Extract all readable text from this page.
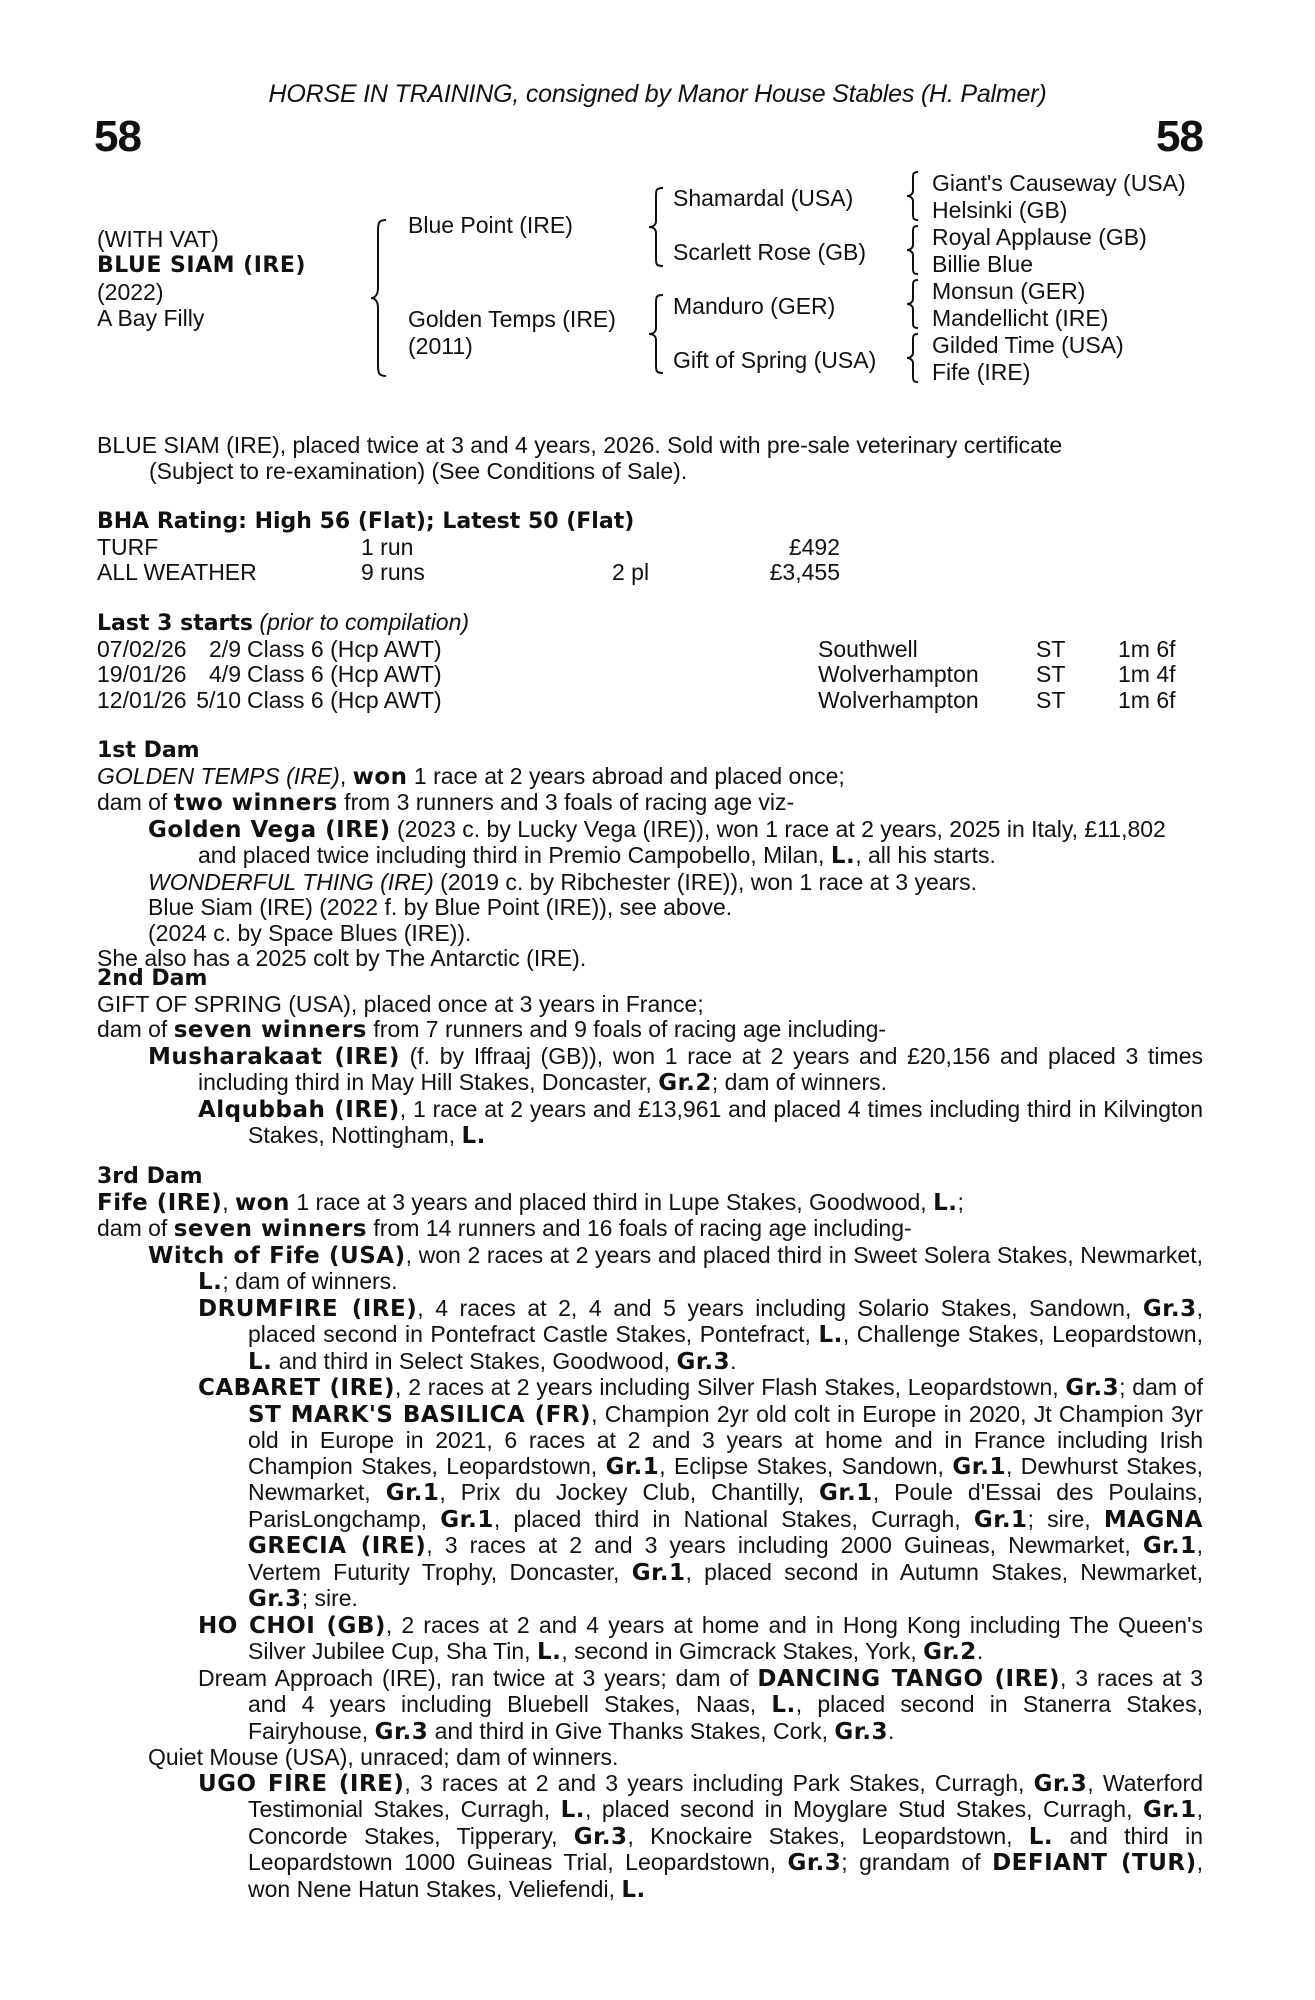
HORSE IN TRAINING, consigned by Manor House Stables (H. Palmer)
58	58
(WITH VAT)
BLUE SIAM (IRE)
(2022)
A Bay Filly
Blue Point (IRE)
Golden Temps (IRE)
(2011)
Shamardal (USA)
Scarlett Rose (GB)
Manduro (GER)
Gift of Spring (USA)
Giant's Causeway (USA)
Helsinki (GB)
Royal Applause (GB)
Billie Blue
Monsun (GER)
Mandellicht (IRE)
Gilded Time (USA)
Fife (IRE)

BLUE SIAM (IRE), placed twice at 3 and 4 years, 2026. Sold with pre-sale veterinary certificate

(Subject to re-examination) (See Conditions of Sale).

BHA Rating: High 56 (Flat); Latest 50 (Flat)
TURF	1 run	£492
ALL WEATHER	9 runs	2 pl	£3,455
Last 3 starts (prior to compilation)
07/02/26 2/9 Class 6 (Hcp AWT)	Southwell	ST 1m 6f
19/01/26 4/9 Class 6 (Hcp AWT)	Wolverhampton ST 1m 4f
12/01/26 5/10 Class 6 (Hcp AWT)	Wolverhampton ST 1m 6f
1st Dam

GOLDEN TEMPS (IRE), won 1 race at 2 years abroad and placed once;

dam of two winners from 3 runners and 3 foals of racing age viz-

Golden Vega (IRE) (2023 c. by Lucky Vega (IRE)), won 1 race at 2 years, 2025 in Italy, £11,802 and placed twice including third in Premio Campobello, Milan, L., all his starts.

WONDERFUL THING (IRE) (2019 c. by Ribchester (IRE)), won 1 race at 3 years.

Blue Siam (IRE) (2022 f. by Blue Point (IRE)), see above.

(2024 c. by Space Blues (IRE)).

She also has a 2025 colt by The Antarctic (IRE).

2nd Dam

GIFT OF SPRING (USA), placed once at 3 years in France;

dam of seven winners from 7 runners and 9 foals of racing age including-

Musharakaat (IRE) (f. by Iffraaj (GB)), won 1 race at 2 years and £20,156 and placed 3 times including third in May Hill Stakes, Doncaster, Gr.2; dam of winners.

Alqubbah (IRE), 1 race at 2 years and £13,961 and placed 4 times including third in Kilvington Stakes, Nottingham, L.

3rd Dam

Fife (IRE), won 1 race at 3 years and placed third in Lupe Stakes, Goodwood, L.;

dam of seven winners from 14 runners and 16 foals of racing age including-

Witch of Fife (USA), won 2 races at 2 years and placed third in Sweet Solera Stakes, Newmarket, L.; dam of winners.

DRUMFIRE (IRE), 4 races at 2, 4 and 5 years including Solario Stakes, Sandown, Gr.3, placed second in Pontefract Castle Stakes, Pontefract, L., Challenge Stakes, Leopardstown, L. and third in Select Stakes, Goodwood, Gr.3.

CABARET (IRE), 2 races at 2 years including Silver Flash Stakes, Leopardstown, Gr.3; dam of ST MARK'S BASILICA (FR), Champion 2yr old colt in Europe in 2020, Jt Champion 3yr old in Europe in 2021, 6 races at 2 and 3 years at home and in France including Irish Champion Stakes, Leopardstown, Gr.1, Eclipse Stakes, Sandown, Gr.1, Dewhurst Stakes, Newmarket, Gr.1, Prix du Jockey Club, Chantilly, Gr.1, Poule d'Essai des Poulains, ParisLongchamp, Gr.1, placed third in National Stakes, Curragh, Gr.1; sire, MAGNA GRECIA (IRE), 3 races at 2 and 3 years including 2000 Guineas, Newmarket, Gr.1, Vertem Futurity Trophy, Doncaster, Gr.1, placed second in Autumn Stakes, Newmarket, Gr.3; sire.

HO CHOI (GB), 2 races at 2 and 4 years at home and in Hong Kong including The Queen's Silver Jubilee Cup, Sha Tin, L., second in Gimcrack Stakes, York, Gr.2.

Dream Approach (IRE), ran twice at 3 years; dam of DANCING TANGO (IRE), 3 races at 3 and 4 years including Bluebell Stakes, Naas, L., placed second in Stanerra Stakes, Fairyhouse, Gr.3 and third in Give Thanks Stakes, Cork, Gr.3.

Quiet Mouse (USA), unraced; dam of winners.

UGO FIRE (IRE), 3 races at 2 and 3 years including Park Stakes, Curragh, Gr.3, Waterford Testimonial Stakes, Curragh, L., placed second in Moyglare Stud Stakes, Curragh, Gr.1, Concorde Stakes, Tipperary, Gr.3, Knockaire Stakes, Leopardstown, L. and third in Leopardstown 1000 Guineas Trial, Leopardstown, Gr.3; grandam of DEFIANT (TUR), won Nene Hatun Stakes, Veliefendi, L.
